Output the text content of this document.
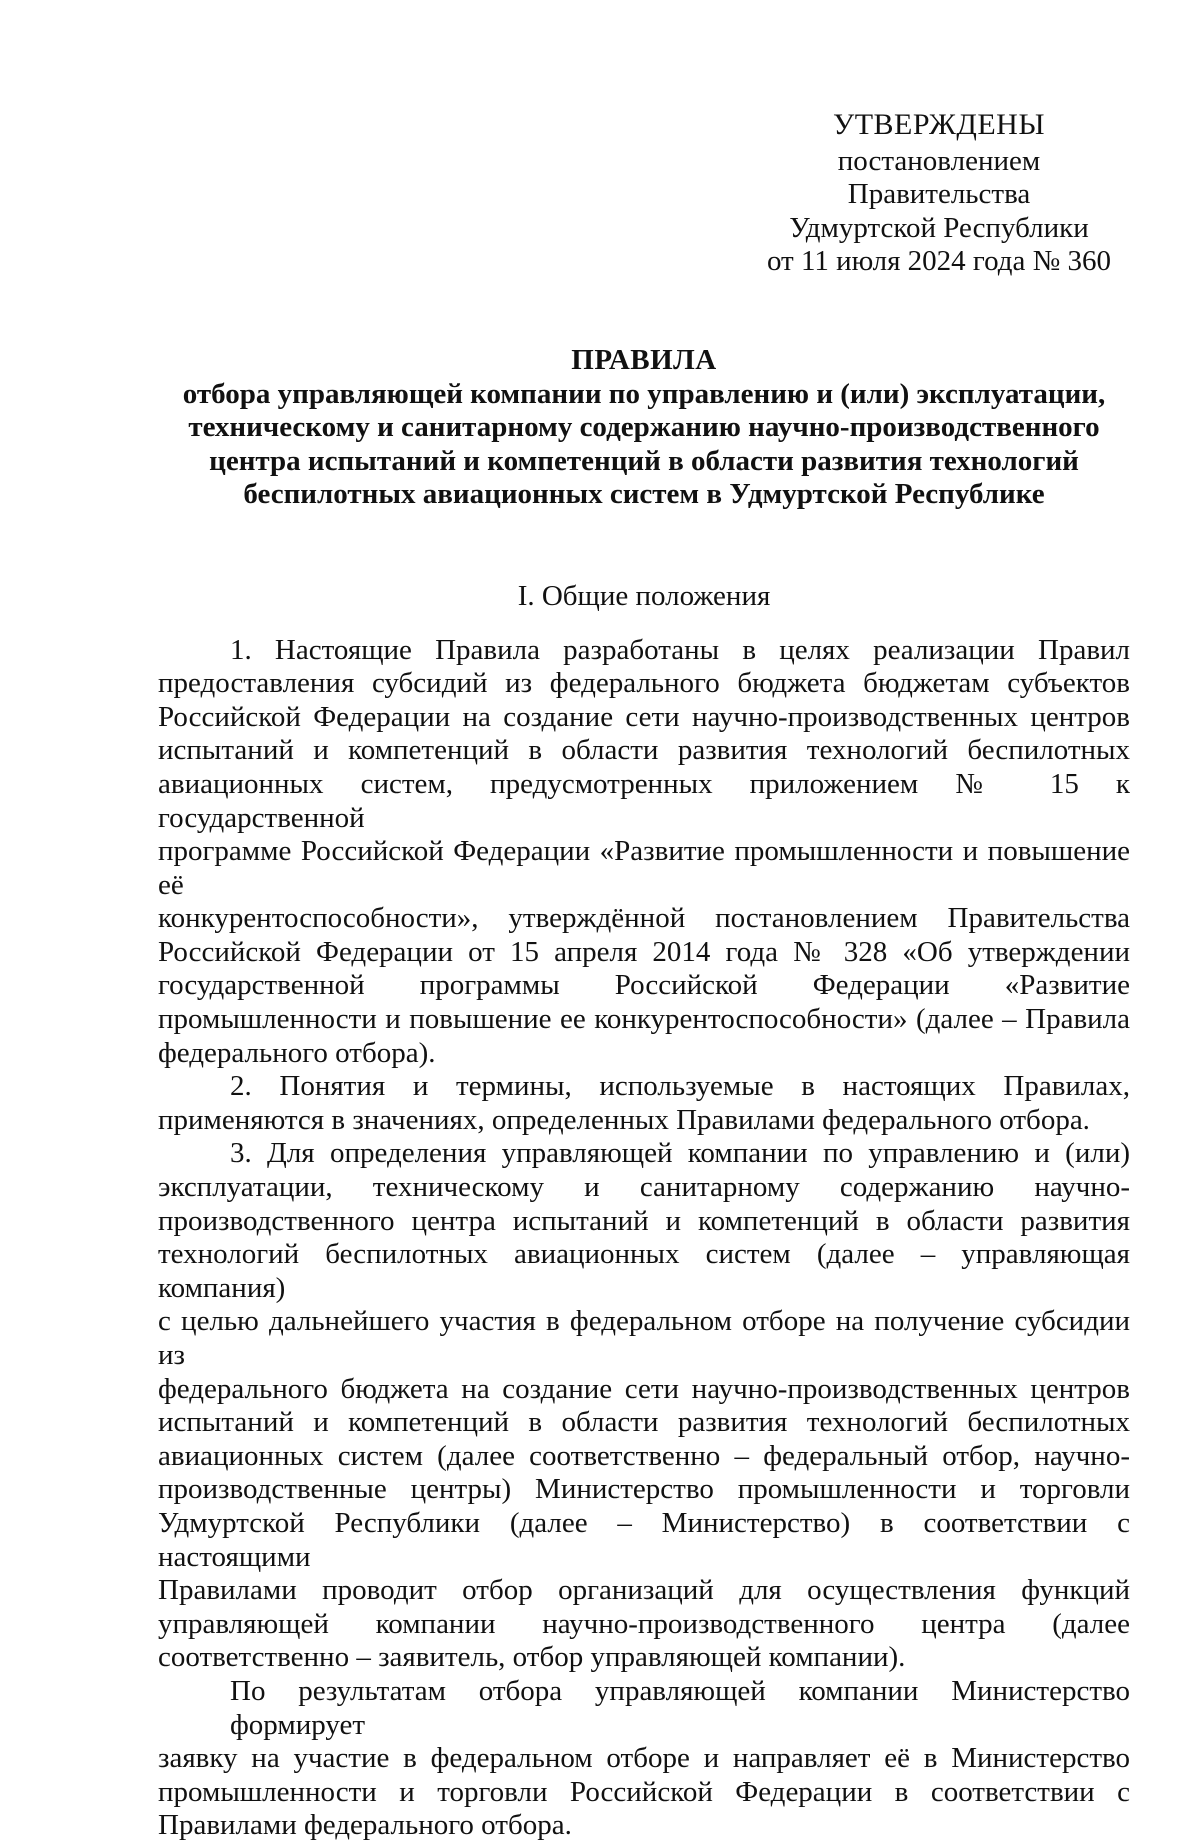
УТВЕРЖДЕНЫ
постановлением Правительства
Удмуртской Республики
от 11 июля 2024 года № 360
ПРАВИЛА
отбора управляющей компании по управлению и (или) эксплуатации,
техническому и санитарному содержанию научно-производственного
центра испытаний и компетенций в области развития технологий
беспилотных авиационных систем в Удмуртской Республике
I. Общие положения
1. Настоящие Правила разработаны в целях реализации Правил
предоставления субсидий из федерального бюджета бюджетам субъектов
Российской Федерации на создание сети научно-производственных центров
испытаний и компетенций в области развития технологий беспилотных
авиационных систем, предусмотренных приложением № 15 к государственной
программе Российской Федерации «Развитие промышленности и повышение её
конкурентоспособности», утверждённой постановлением Правительства
Российской Федерации от 15 апреля 2014 года № 328 «Об утверждении
государственной программы Российской Федерации «Развитие
промышленности и повышение ее конкурентоспособности» (далее – Правила
федерального отбора).
2. Понятия и термины, используемые в настоящих Правилах,
применяются в значениях, определенных Правилами федерального отбора.
3. Для определения управляющей компании по управлению и (или)
эксплуатации, техническому и санитарному содержанию научно-
производственного центра испытаний и компетенций в области развития
технологий беспилотных авиационных систем (далее – управляющая компания)
с целью дальнейшего участия в федеральном отборе на получение субсидии из
федерального бюджета на создание сети научно-производственных центров
испытаний и компетенций в области развития технологий беспилотных
авиационных систем (далее соответственно – федеральный отбор, научно-
производственные центры) Министерство промышленности и торговли
Удмуртской Республики (далее – Министерство) в соответствии с настоящими
Правилами проводит отбор организаций для осуществления функций
управляющей компании научно-производственного центра (далее
соответственно – заявитель, отбор управляющей компании).
По результатам отбора управляющей компании Министерство формирует
заявку на участие в федеральном отборе и направляет её в Министерство
промышленности и торговли Российской Федерации в соответствии с
Правилами федерального отбора.
